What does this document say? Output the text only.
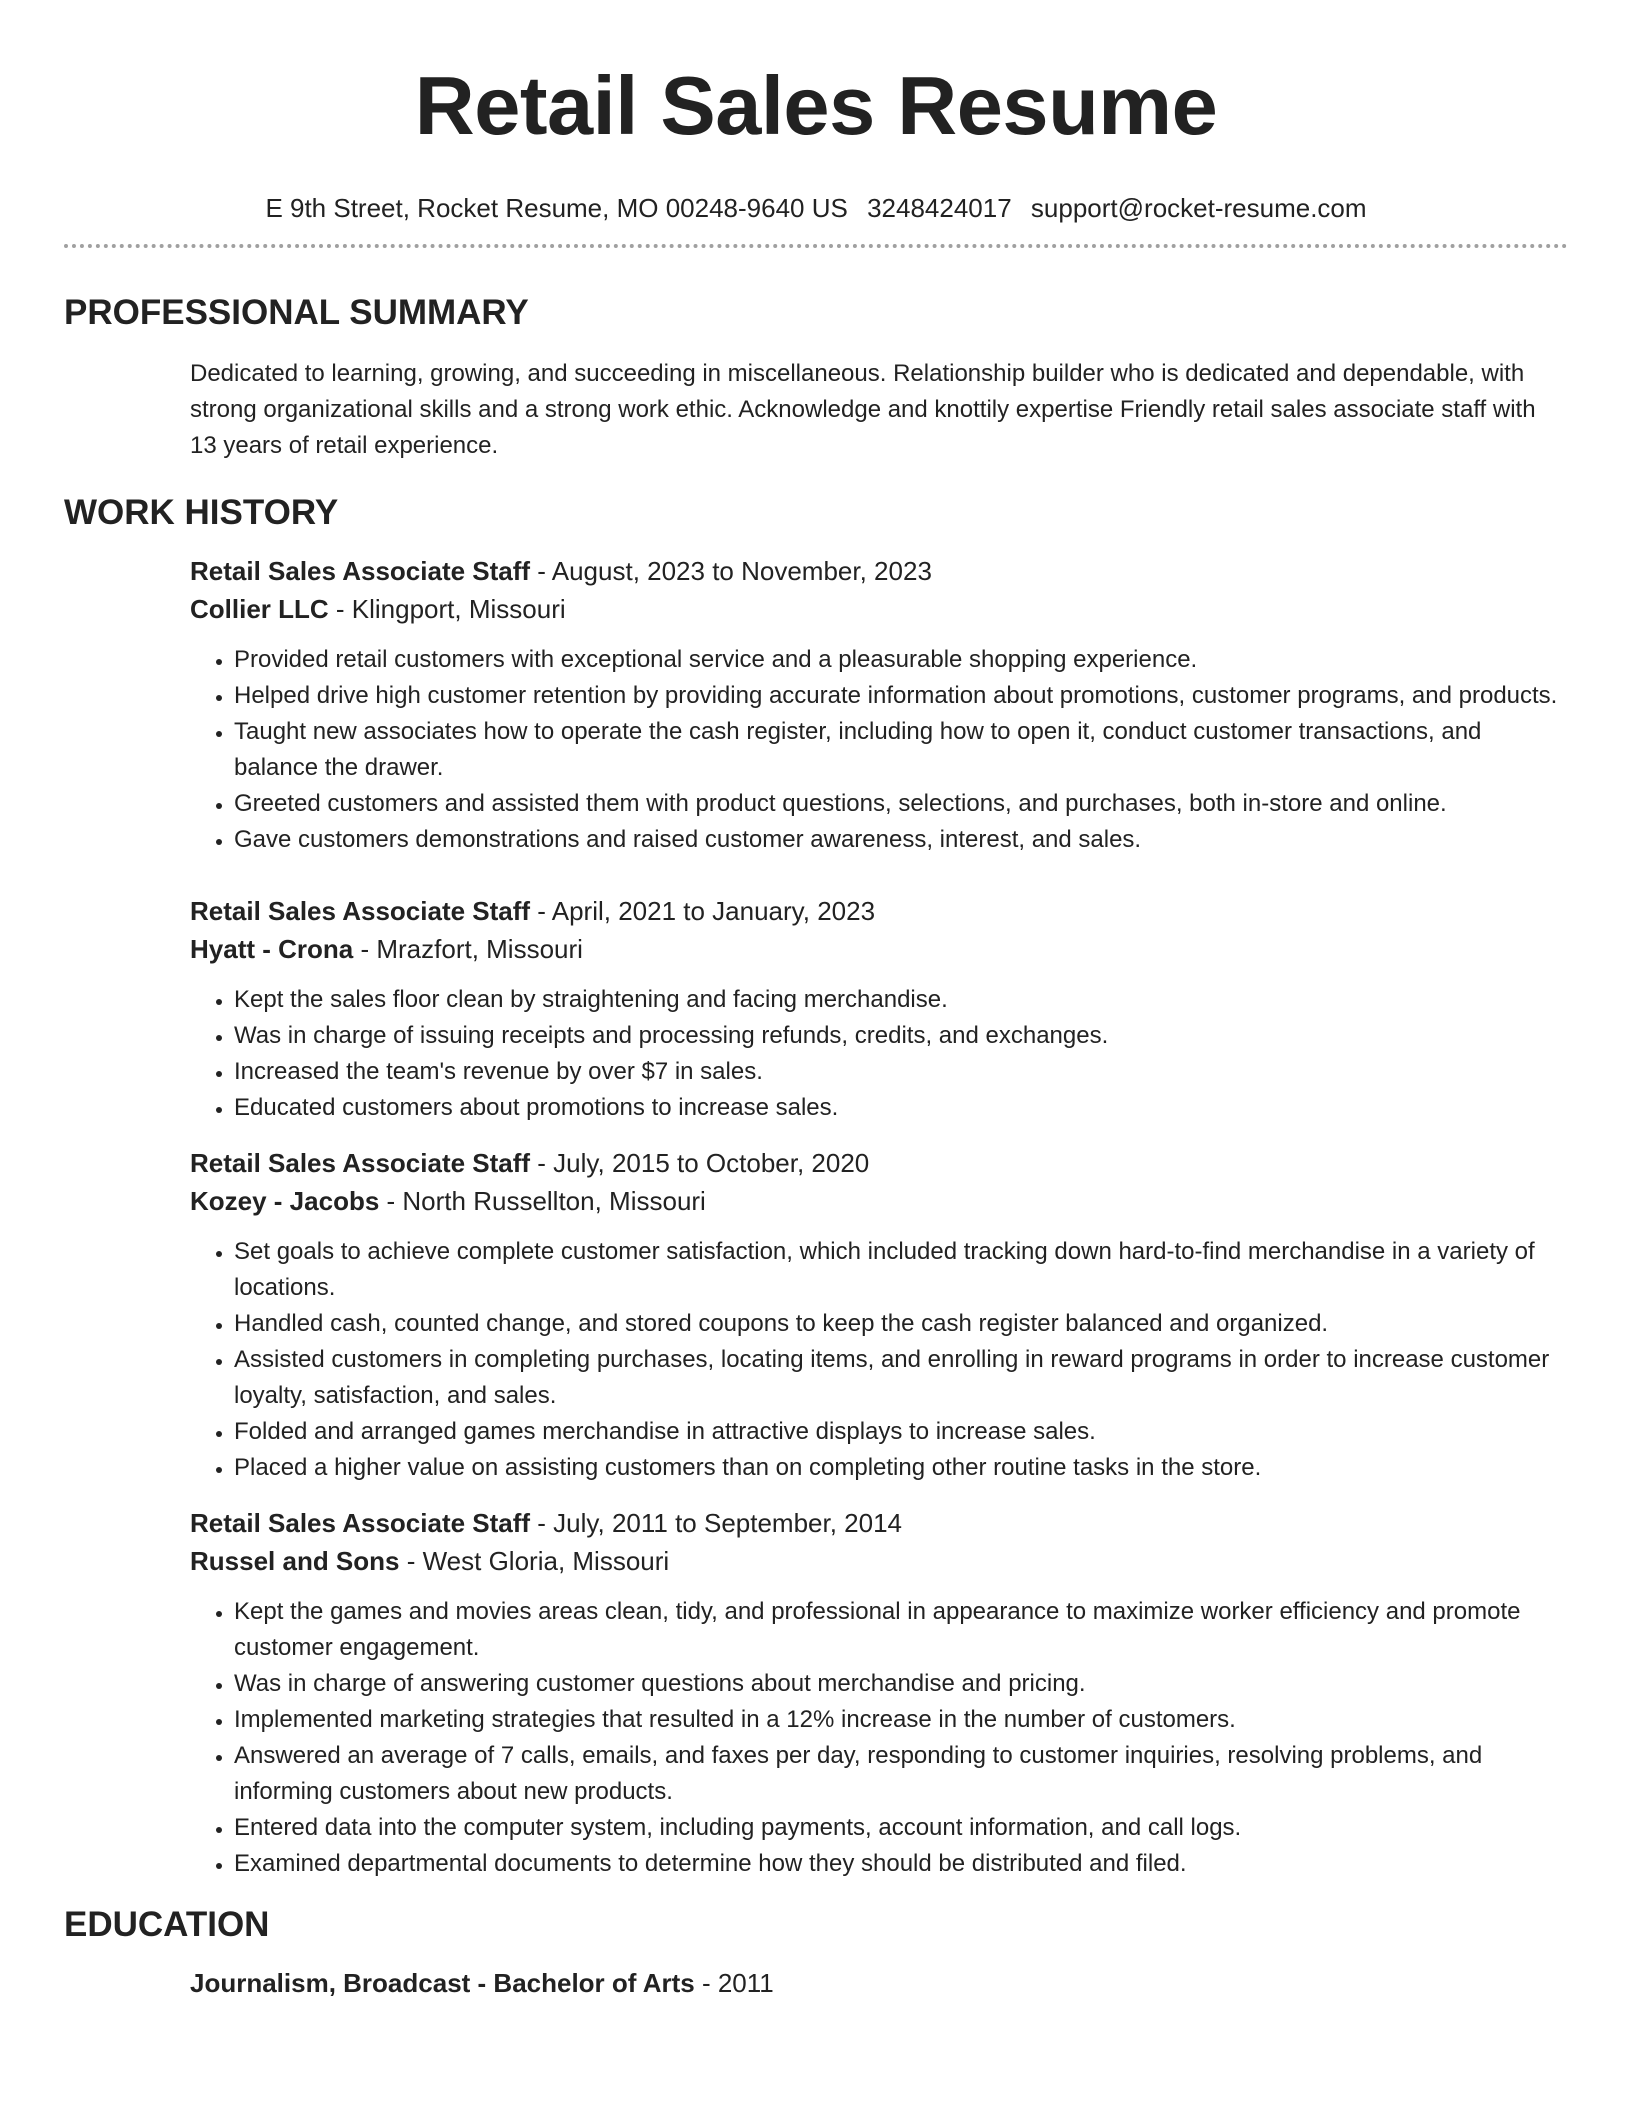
Retail Sales Resume
E 9th Street, Rocket Resume, MO 00248-9640 US 3248424017 support@rocket-resume.com
PROFESSIONAL SUMMARY

Dedicated to learning, growing, and succeeding in miscellaneous. Relationship builder who is dedicated and dependable, with strong organizational skills and a strong work ethic. Acknowledge and knottily expertise Friendly retail sales associate staff with 13 years of retail experience.

WORK HISTORY
Retail Sales Associate Staff - August, 2023 to November, 2023
Collier LLC - Klingport, Missouri
• Provided retail customers with exceptional service and a pleasurable shopping experience.
• Helped drive high customer retention by providing accurate information about promotions, customer programs, and products.
• Taught new associates how to operate the cash register, including how to open it, conduct customer transactions, and balance the drawer.
• Greeted customers and assisted them with product questions, selections, and purchases, both in-store and online.
• Gave customers demonstrations and raised customer awareness, interest, and sales.
Retail Sales Associate Staff - April, 2021 to January, 2023
Hyatt - Crona - Mrazfort, Missouri
• Kept the sales floor clean by straightening and facing merchandise.
• Was in charge of issuing receipts and processing refunds, credits, and exchanges.
• Increased the team's revenue by over $7 in sales.
• Educated customers about promotions to increase sales.
Retail Sales Associate Staff - July, 2015 to October, 2020
Kozey - Jacobs - North Russellton, Missouri
• Set goals to achieve complete customer satisfaction, which included tracking down hard-to-find merchandise in a variety of locations.
• Handled cash, counted change, and stored coupons to keep the cash register balanced and organized.
• Assisted customers in completing purchases, locating items, and enrolling in reward programs in order to increase customer loyalty, satisfaction, and sales.
• Folded and arranged games merchandise in attractive displays to increase sales.
• Placed a higher value on assisting customers than on completing other routine tasks in the store.
Retail Sales Associate Staff - July, 2011 to September, 2014
Russel and Sons - West Gloria, Missouri
• Kept the games and movies areas clean, tidy, and professional in appearance to maximize worker efficiency and promote customer engagement.
• Was in charge of answering customer questions about merchandise and pricing.
• Implemented marketing strategies that resulted in a 12% increase in the number of customers.
• Answered an average of 7 calls, emails, and faxes per day, responding to customer inquiries, resolving problems, and informing customers about new products.
• Entered data into the computer system, including payments, account information, and call logs.
• Examined departmental documents to determine how they should be distributed and filed.
EDUCATION
Journalism, Broadcast - Bachelor of Arts - 2011
